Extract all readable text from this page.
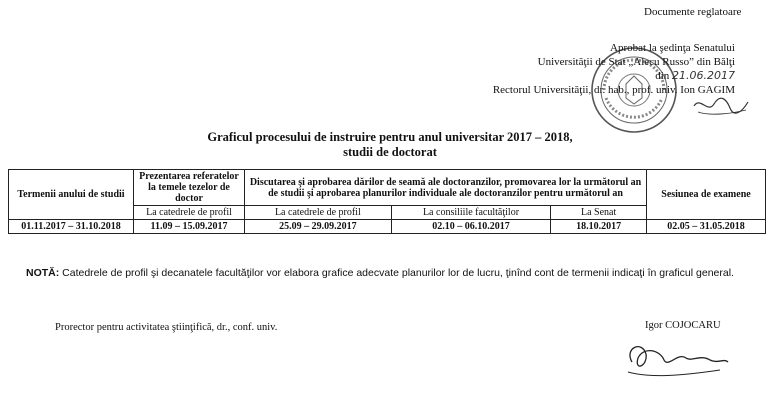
Documente reglatoare
Aprobat la şedinţa Senatului
Universităţii de Stat „Alecu Russo” din Bălţi
din 21.06.2017
Rectorul Universităţii, dr. hab., prof. univ. Ion GAGIM
Graficul procesului de instruire pentru anul universitar 2017 – 2018,
studii de doctorat
Termenii anului de studii	Prezentarea referatelor la temele tezelor de doctor	Discutarea şi aprobarea dărilor de seamă ale doctoranzilor, promovarea lor la următorul an de studii şi aprobarea planurilor individuale ale doctoranzilor pentru următorul an			Sesiunea de examene
	La catedrele de profil	La catedrele de profil	La consiliile facultăţilor	La Senat	
01.11.2017 – 31.10.2018	11.09 – 15.09.2017	25.09 – 29.09.2017	02.10 – 06.10.2017	18.10.2017	02.05 – 31.05.2018
NOTĂ: Catedrele de profil şi decanatele facultăţilor vor elabora grafice adecvate planurilor lor de lucru, ţinînd cont de termenii indicaţi în graficul general.
Prorector pentru activitatea ştiinţifică, dr., conf. univ.	Igor COJOCARU
